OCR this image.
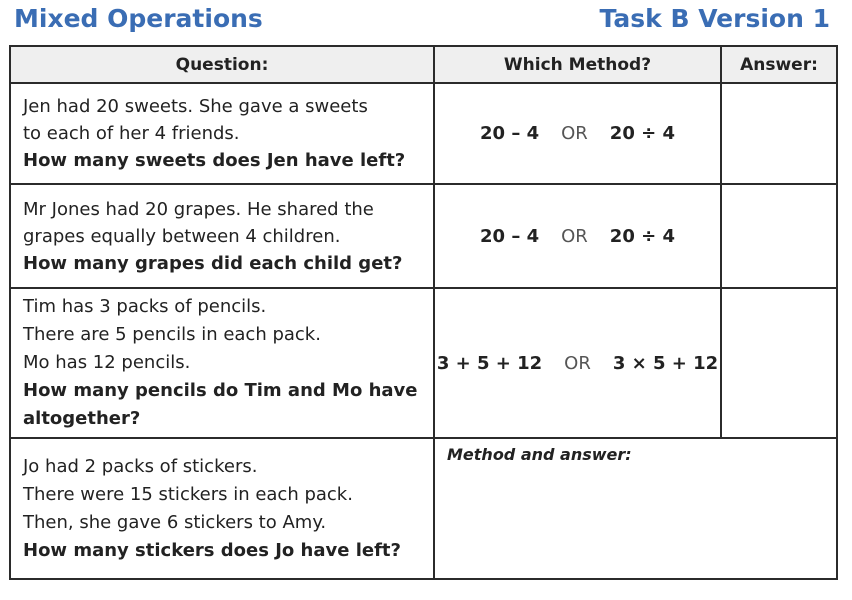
Mixed Operations	Task B Version 1
Question:	Which Method?	Answer:

Jen had 20 sweets. She gave a sweets

to each of her 4 friends.

How many sweets does Jen have left?	20 – 4 OR 20 ÷ 4	

Mr Jones had 20 grapes. He shared the

grapes equally between 4 children.

How many grapes did each child get?	20 – 4 OR 20 ÷ 4	

Tim has 3 packs of pencils.

There are 5 pencils in each pack.

Mo has 12 pencils.

How many pencils do Tim and Mo have altogether?	3 + 5 + 12 OR 3 × 5 + 12	

Jo had 2 packs of stickers.

There were 15 stickers in each pack.

Then, she gave 6 stickers to Amy.

How many stickers does Jo have left?	Method and answer:	
